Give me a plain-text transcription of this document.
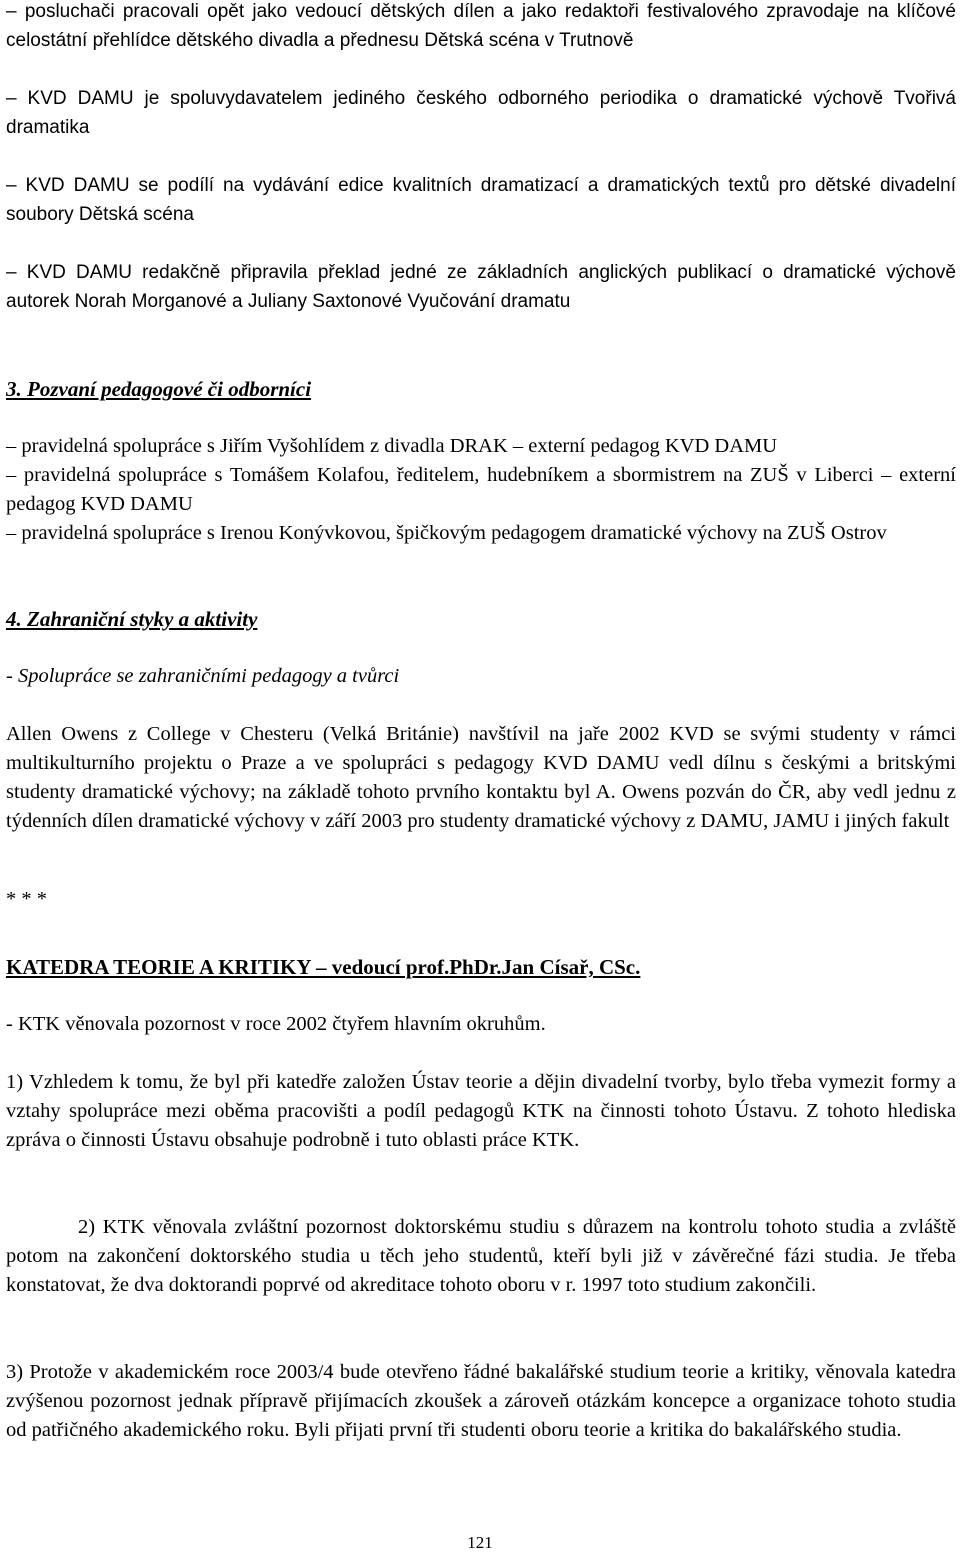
– posluchači pracovali opět jako vedoucí dětských dílen a jako redaktoři festivalového zpravodaje na klíčové celostátní přehlídce dětského divadla a přednesu Dětská scéna v Trutnově
– KVD DAMU je spoluvydavatelem jediného českého odborného periodika o dramatické výchově Tvořivá dramatika
– KVD DAMU se podílí na vydávání edice kvalitních dramatizací a dramatických textů pro dětské divadelní soubory Dětská scéna
– KVD DAMU redakčně připravila překlad jedné ze základních anglických publikací o dramatické výchově autorek Norah Morganové a Juliany Saxtonové Vyučování dramatu
3. Pozvaní pedagogové či odborníci
– pravidelná spolupráce s Jiřím Vyšohlídem z divadla DRAK – externí pedagog KVD DAMU
– pravidelná spolupráce s Tomášem Kolafou, ředitelem, hudebníkem a sbormistrem na ZUŠ v Liberci – externí pedagog KVD DAMU
– pravidelná spolupráce s Irenou Konývkovou, špičkovým pedagogem dramatické výchovy na ZUŠ Ostrov
4. Zahraniční styky a aktivity
- Spolupráce se zahraničními pedagogy a tvůrci
Allen Owens z College v Chesteru (Velká Británie) navštívil na jaře 2002 KVD se svými studenty v rámci multikulturního projektu o Praze a ve spolupráci s pedagogy KVD DAMU vedl dílnu s českými a britskými studenty dramatické výchovy; na základě tohoto prvního kontaktu byl A. Owens pozván do ČR, aby vedl jednu z týdenních dílen dramatické výchovy v září 2003 pro studenty dramatické výchovy z DAMU, JAMU i jiných fakult
* * *
KATEDRA TEORIE A KRITIKY – vedoucí prof.PhDr.Jan Císař, CSc.
- KTK věnovala pozornost v roce 2002 čtyřem hlavním okruhům.
1) Vzhledem k tomu, že byl při katedře založen Ústav teorie a dějin divadelní tvorby, bylo třeba vymezit formy a vztahy spolupráce mezi oběma pracovišti a podíl pedagogů KTK na činnosti tohoto Ústavu. Z tohoto hlediska zpráva o činnosti Ústavu obsahuje podrobně i tuto oblasti práce KTK.
2) KTK věnovala zvláštní pozornost doktorskému studiu s důrazem na kontrolu tohoto studia a zvláště potom na zakončení doktorského studia u těch jeho studentů, kteří byli již v závěrečné fázi studia. Je třeba konstatovat, že dva doktorandi poprvé od akreditace tohoto oboru v r. 1997 toto studium zakončili.
3) Protože v akademickém roce 2003/4 bude otevřeno řádné bakalářské studium teorie a kritiky, věnovala katedra zvýšenou pozornost jednak přípravě přijímacích zkoušek a zároveň otázkám koncepce a organizace tohoto studia od patřičného akademického roku. Byli přijati první tři studenti oboru teorie a kritika do bakalářského studia.
121
